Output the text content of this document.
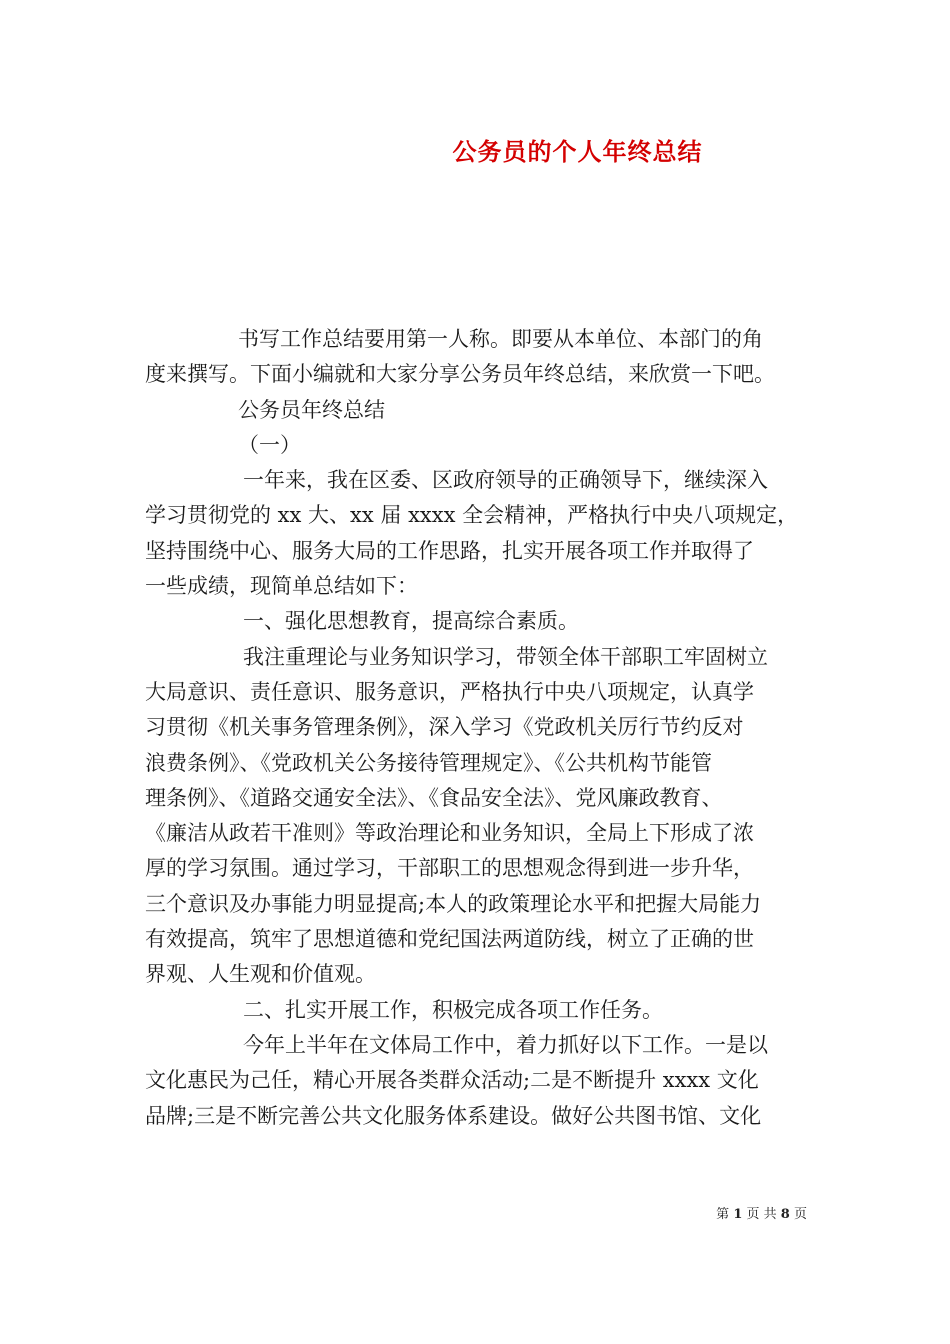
公务员的个人年终总结
书写工作总结要用第一人称。即要从本单位、本部门的角
度来撰写。下面小编就和大家分享公务员年终总结，来欣赏一下吧。
公务员年终总结
（一）
一年来，我在区委、区政府领导的正确领导下，继续深入
学习贯彻党的 xx 大、xx 届 xxxx 全会精神，严格执行中央八项规定，
坚持围绕中心、服务大局的工作思路，扎实开展各项工作并取得了
一些成绩，现简单总结如下：
一、强化思想教育，提高综合素质。
我注重理论与业务知识学习，带领全体干部职工牢固树立
大局意识、责任意识、服务意识，严格执行中央八项规定，认真学
习贯彻《机关事务管理条例》，深入学习《党政机关厉行节约反对
浪费条例》、《党政机关公务接待管理规定》、《公共机构节能管
理条例》、《道路交通安全法》、《食品安全法》、党风廉政教育、
《廉洁从政若干准则》等政治理论和业务知识，全局上下形成了浓
厚的学习氛围。通过学习，干部职工的思想观念得到进一步升华，
三个意识及办事能力明显提高;本人的政策理论水平和把握大局能力
有效提高，筑牢了思想道德和党纪国法两道防线，树立了正确的世
界观、人生观和价值观。
二、扎实开展工作，积极完成各项工作任务。
今年上半年在文体局工作中，着力抓好以下工作。一是以
文化惠民为己任，精心开展各类群众活动;二是不断提升 xxxx 文化
品牌;三是不断完善公共文化服务体系建设。做好公共图书馆、文化
第 1 页 共 8 页
